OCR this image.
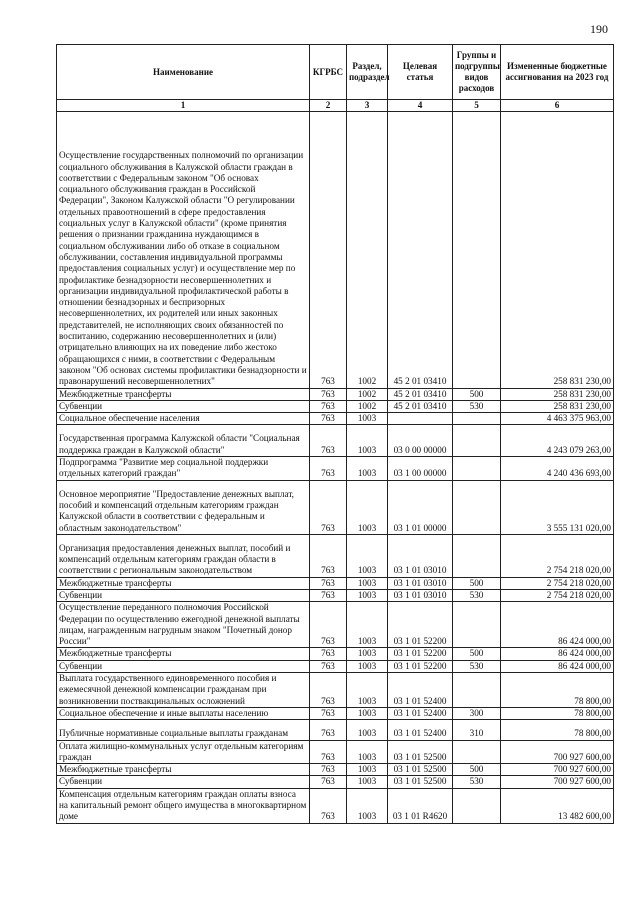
190
Наименование	КГРБС	Раздел, подраздел	Целевая статья	Группы и подгруппы видов расходов	Измененные бюджетные ассигнования на 2023 год
1	2	3	4	5	6
Осуществление государственных полномочий по организации социального обслуживания в Калужской области граждан в соответствии с Федеральным законом "Об основах социального обслуживания граждан в Российской Федерации", Законом Калужской области "О регулировании отдельных правоотношений в сфере предоставления социальных услуг в Калужской области" (кроме принятия решения о признании гражданина нуждающимся в социальном обслуживании либо об отказе в социальном обслуживании, составления индивидуальной программы предоставления социальных услуг) и осуществление мер по профилактике безнадзорности несовершеннолетних и организации индивидуальной профилактической работы в отношении безнадзорных и беспризорных несовершеннолетних, их родителей или иных законных представителей, не исполняющих своих обязанностей по воспитанию, содержанию несовершеннолетних и (или) отрицательно влияющих на их поведение либо жестоко обращающихся с ними, в соответствии с Федеральным законом "Об основах системы профилактики безнадзорности и правонарушений несовершеннолетних"	763	1002	45 2 01 03410		258 831 230,00
Межбюджетные трансферты	763	1002	45 2 01 03410	500	258 831 230,00
Субвенции	763	1002	45 2 01 03410	530	258 831 230,00
Социальное обеспечение населения	763	1003			4 463 375 963,00
Государственная программа Калужской области "Социальная поддержка граждан в Калужской области"	763	1003	03 0 00 00000		4 243 079 263,00
Подпрограмма "Развитие мер социальной поддержки отдельных категорий граждан"	763	1003	03 1 00 00000		4 240 436 693,00
Основное мероприятие "Предоставление денежных выплат, пособий и компенсаций отдельным категориям граждан Калужской области в соответствии с федеральным и областным законодательством"	763	1003	03 1 01 00000		3 555 131 020,00
Организация предоставления денежных выплат, пособий и компенсаций отдельным категориям граждан области в соответствии с региональным законодательством	763	1003	03 1 01 03010		2 754 218 020,00
Межбюджетные трансферты	763	1003	03 1 01 03010	500	2 754 218 020,00
Субвенции	763	1003	03 1 01 03010	530	2 754 218 020,00
Осуществление переданного полномочия Российской Федерации по осуществлению ежегодной денежной выплаты лицам, награжденным нагрудным знаком "Почетный донор России"	763	1003	03 1 01 52200		86 424 000,00
Межбюджетные трансферты	763	1003	03 1 01 52200	500	86 424 000,00
Субвенции	763	1003	03 1 01 52200	530	86 424 000,00
Выплата государственного единовременного пособия и ежемесячной денежной компенсации гражданам при возникновении поствакцинальных осложнений	763	1003	03 1 01 52400		78 800,00
Социальное обеспечение и иные выплаты населению	763	1003	03 1 01 52400	300	78 800,00
Публичные нормативные социальные выплаты гражданам	763	1003	03 1 01 52400	310	78 800,00
Оплата жилищно-коммунальных услуг отдельным категориям граждан	763	1003	03 1 01 52500		700 927 600,00
Межбюджетные трансферты	763	1003	03 1 01 52500	500	700 927 600,00
Субвенции	763	1003	03 1 01 52500	530	700 927 600,00
Компенсация отдельным категориям граждан оплаты взноса на капитальный ремонт общего имущества в многоквартирном доме	763	1003	03 1 01 R4620		13 482 600,00
